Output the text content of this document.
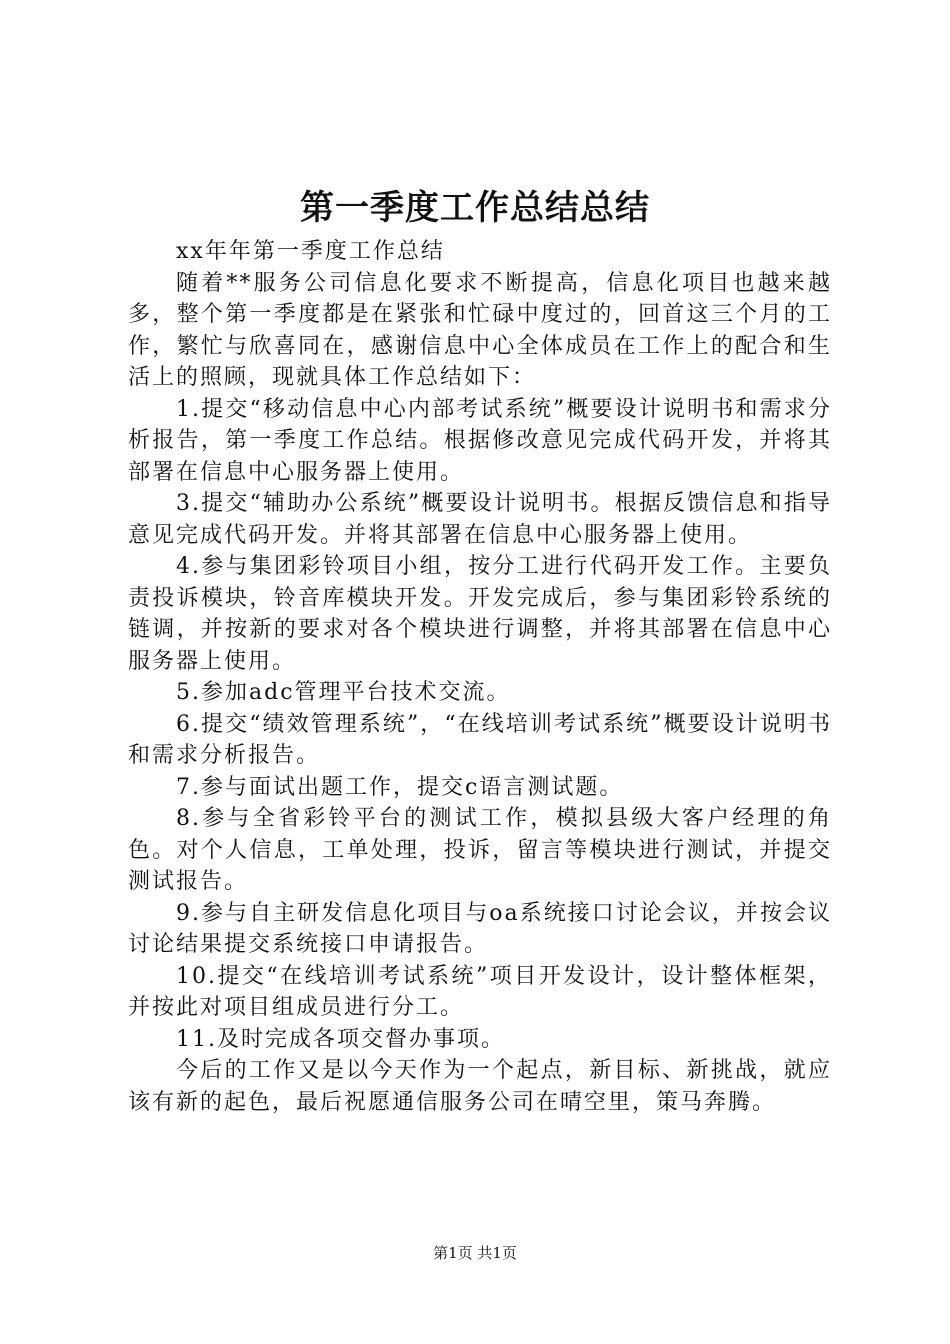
第一季度工作总结总结

xx年年第一季度工作总结

随着**服务公司信息化要求不断提高，信息化项目也越来越多，整个第一季度都是在紧张和忙碌中度过的，回首这三个月的工作，繁忙与欣喜同在，感谢信息中心全体成员在工作上的配合和生活上的照顾，现就具体工作总结如下：

1.提交“移动信息中心内部考试系统”概要设计说明书和需求分析报告，第一季度工作总结。根据修改意见完成代码开发，并将其部署在信息中心服务器上使用。

3.提交“辅助办公系统”概要设计说明书。根据反馈信息和指导意见完成代码开发。并将其部署在信息中心服务器上使用。

4.参与集团彩铃项目小组，按分工进行代码开发工作。主要负责投诉模块，铃音库模块开发。开发完成后，参与集团彩铃系统的链调，并按新的要求对各个模块进行调整，并将其部署在信息中心服务器上使用。

5.参加adc管理平台技术交流。

6.提交“绩效管理系统”，“在线培训考试系统”概要设计说明书和需求分析报告。

7.参与面试出题工作，提交c语言测试题。

8.参与全省彩铃平台的测试工作，模拟县级大客户经理的角色。对个人信息，工单处理，投诉，留言等模块进行测试，并提交测试报告。

9.参与自主研发信息化项目与oa系统接口讨论会议，并按会议讨论结果提交系统接口申请报告。

10.提交“在线培训考试系统”项目开发设计，设计整体框架，并按此对项目组成员进行分工。

11.及时完成各项交督办事项。

今后的工作又是以今天作为一个起点，新目标、新挑战，就应该有新的起色，最后祝愿通信服务公司在晴空里，策马奔腾。

第1页 共1页
